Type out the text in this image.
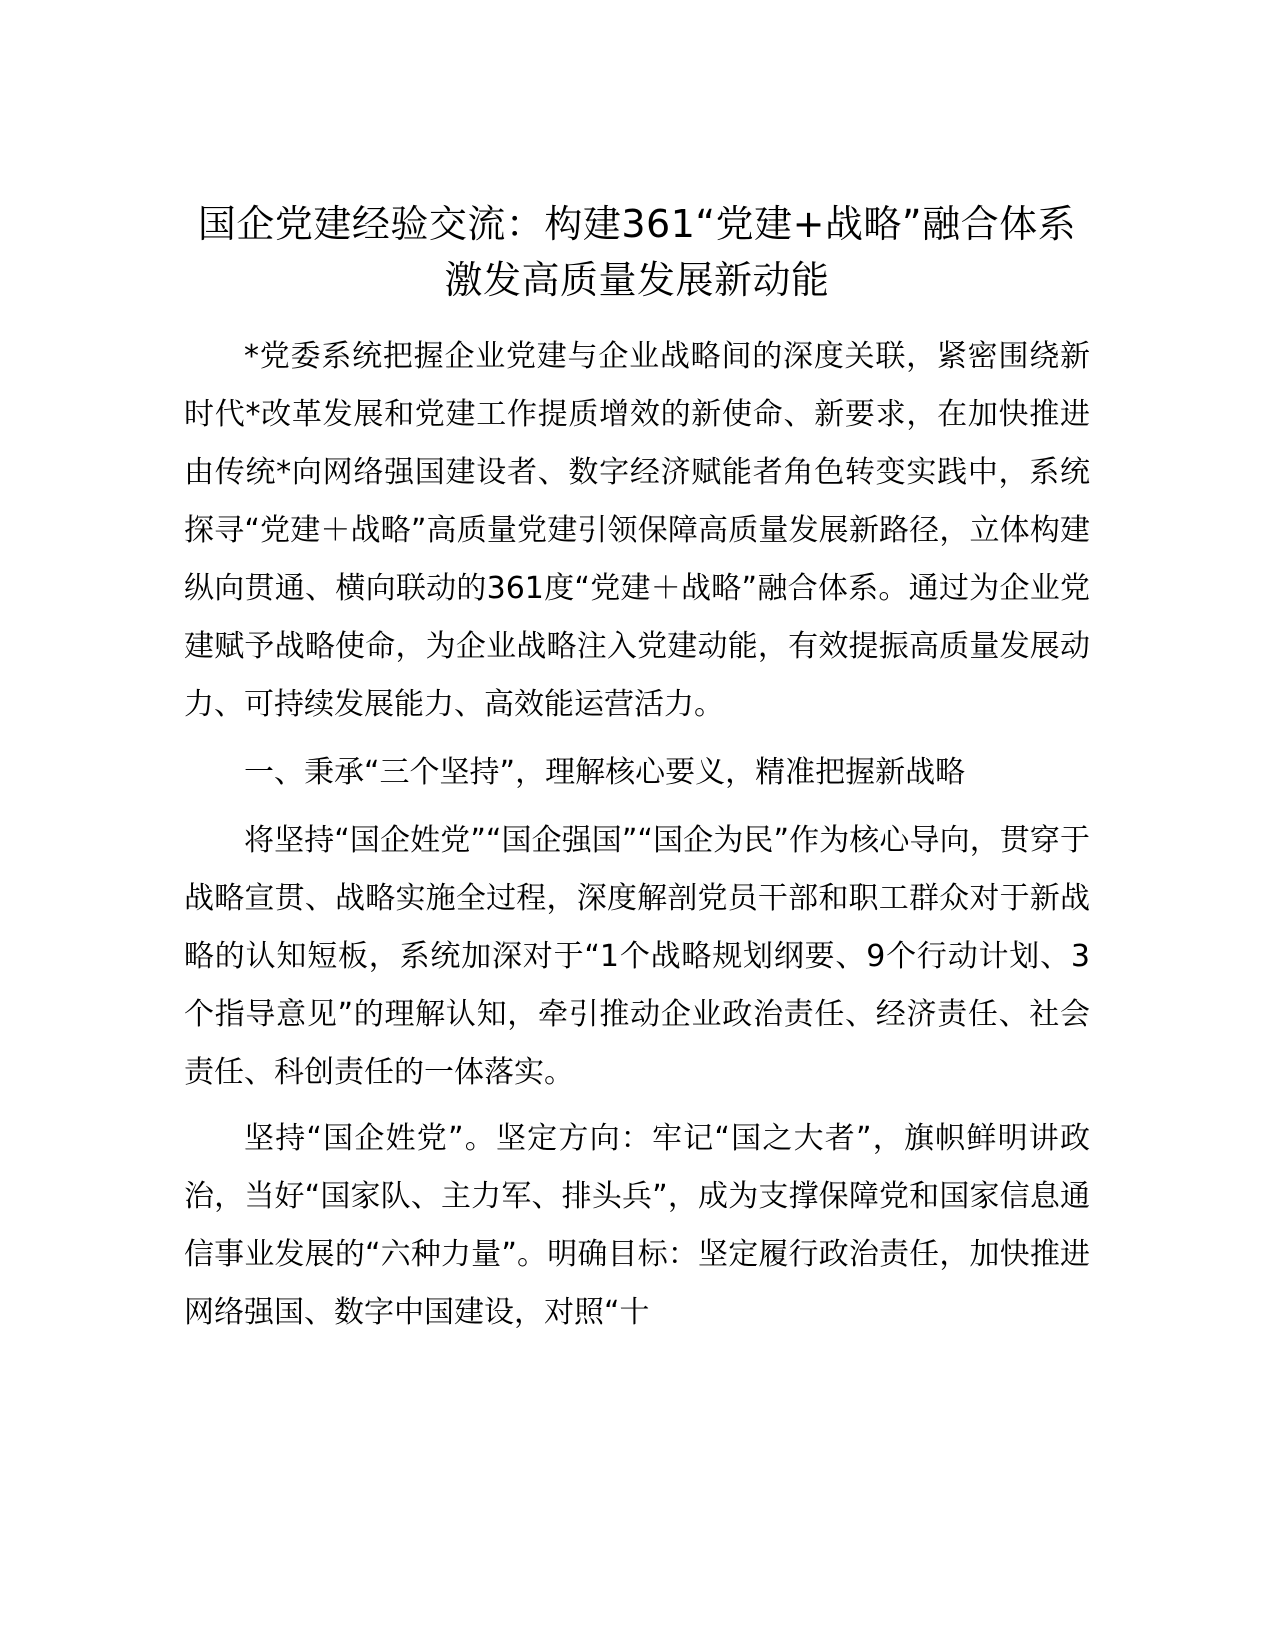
国企党建经验交流：构建361“党建+战略”融合体系激发高质量发展新动能

*党委系统把握企业党建与企业战略间的深度关联，紧密围绕新时代*改革发展和党建工作提质增效的新使命、新要求，在加快推进由传统*向网络强国建设者、数字经济赋能者角色转变实践中，系统探寻“党建＋战略”高质量党建引领保障高质量发展新路径，立体构建纵向贯通、横向联动的361度“党建＋战略”融合体系。通过为企业党建赋予战略使命，为企业战略注入党建动能，有效提振高质量发展动力、可持续发展能力、高效能运营活力。

一、秉承“三个坚持”，理解核心要义，精准把握新战略

将坚持“国企姓党”“国企强国”“国企为民”作为核心导向，贯穿于战略宣贯、战略实施全过程，深度解剖党员干部和职工群众对于新战略的认知短板，系统加深对于“1个战略规划纲要、9个行动计划、3个指导意见”的理解认知，牵引推动企业政治责任、经济责任、社会责任、科创责任的一体落实。

坚持“国企姓党”。坚定方向：牢记“国之大者”，旗帜鲜明讲政治，当好“国家队、主力军、排头兵”，成为支撑保障党和国家信息通信事业发展的“六种力量”。明确目标：坚定履行政治责任，加快推进网络强国、数字中国建设，对照“十
